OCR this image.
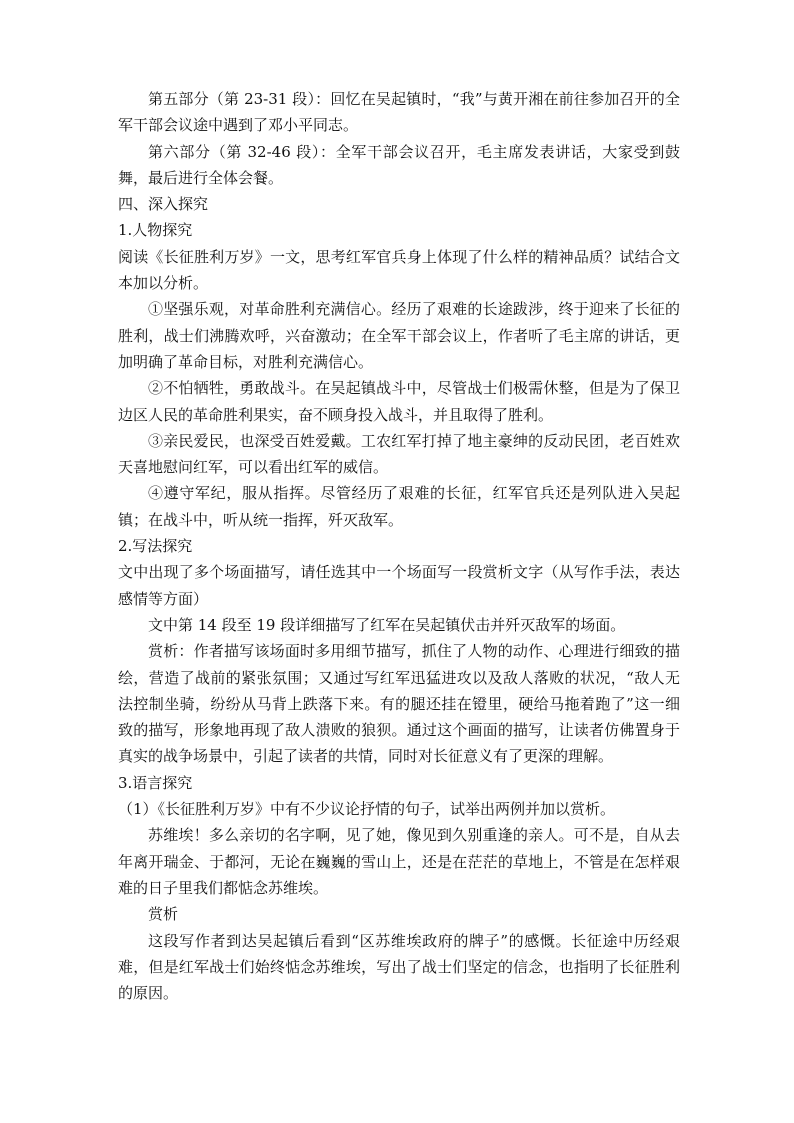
第五部分（第 23-31 段）：回忆在吴起镇时，“我”与黄开湘在前往参加召开的全军干部会议途中遇到了邓小平同志。

第六部分（第 32-46 段）：全军干部会议召开，毛主席发表讲话，大家受到鼓舞，最后进行全体会餐。

四、深入探究

1.人物探究

阅读《长征胜利万岁》一文，思考红军官兵身上体现了什么样的精神品质？试结合文本加以分析。

①坚强乐观，对革命胜利充满信心。经历了艰难的长途跋涉，终于迎来了长征的胜利，战士们沸腾欢呼，兴奋激动；在全军干部会议上，作者听了毛主席的讲话，更加明确了革命目标，对胜利充满信心。

②不怕牺牲，勇敢战斗。在吴起镇战斗中，尽管战士们极需休整，但是为了保卫边区人民的革命胜利果实，奋不顾身投入战斗，并且取得了胜利。

③亲民爱民，也深受百姓爱戴。工农红军打掉了地主豪绅的反动民团，老百姓欢天喜地慰问红军，可以看出红军的威信。

④遵守军纪，服从指挥。尽管经历了艰难的长征，红军官兵还是列队进入吴起镇；在战斗中，听从统一指挥，歼灭敌军。

2.写法探究

文中出现了多个场面描写，请任选其中一个场面写一段赏析文字（从写作手法，表达感情等方面）

文中第 14 段至 19 段详细描写了红军在吴起镇伏击并歼灭敌军的场面。

赏析：作者描写该场面时多用细节描写，抓住了人物的动作、心理进行细致的描绘，营造了战前的紧张氛围；又通过写红军迅猛进攻以及敌人落败的状况，“敌人无法控制坐骑，纷纷从马背上跌落下来。有的腿还挂在镫里，硬给马拖着跑了”这一细致的描写，形象地再现了敌人溃败的狼狈。通过这个画面的描写，让读者仿佛置身于真实的战争场景中，引起了读者的共情，同时对长征意义有了更深的理解。

3.语言探究

（1）《长征胜利万岁》中有不少议论抒情的句子，试举出两例并加以赏析。

苏维埃！多么亲切的名字啊，见了她，像见到久别重逢的亲人。可不是，自从去年离开瑞金、于都河，无论在巍巍的雪山上，还是在茫茫的草地上，不管是在怎样艰难的日子里我们都惦念苏维埃。

赏析

这段写作者到达吴起镇后看到“区苏维埃政府的牌子”的感慨。长征途中历经艰难，但是红军战士们始终惦念苏维埃，写出了战士们坚定的信念，也指明了长征胜利的原因。
